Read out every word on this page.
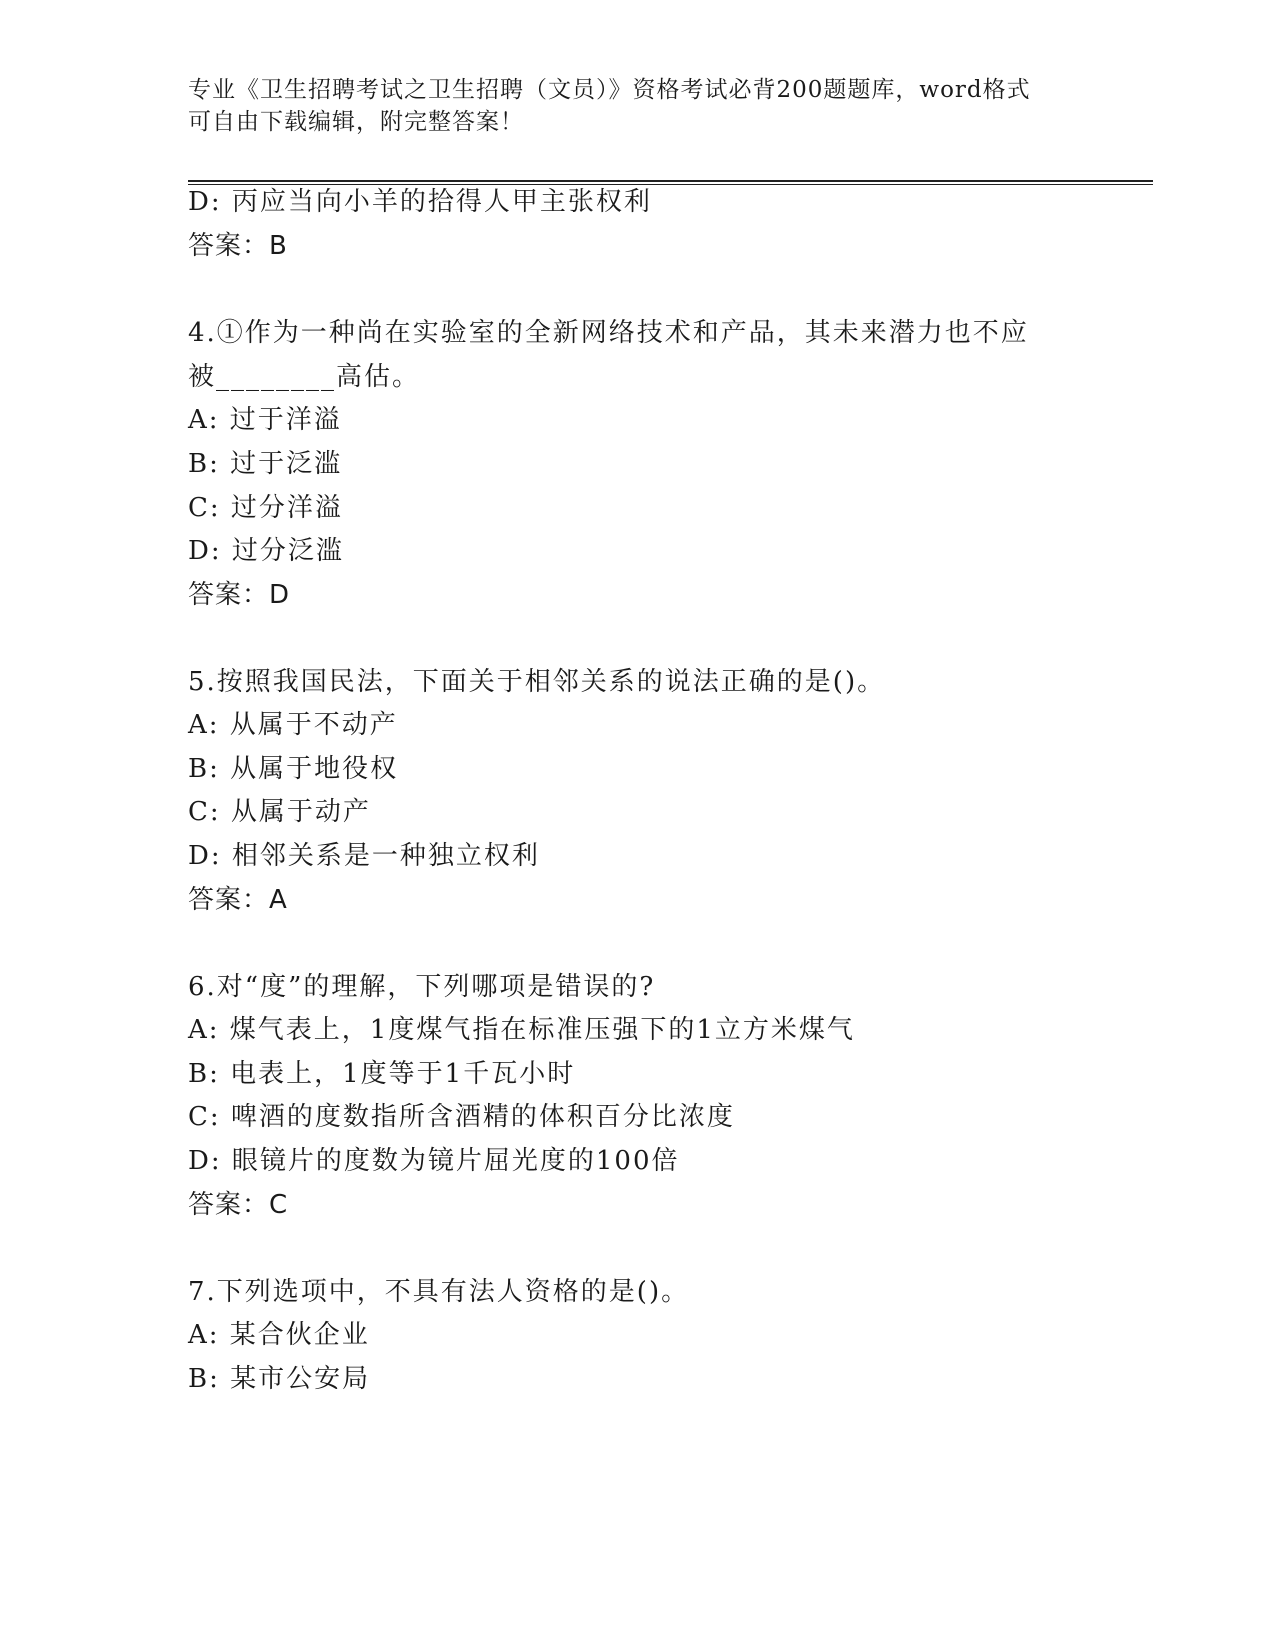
专业《卫生招聘考试之卫生招聘（文员）》资格考试必背200题题库，word格式
可自由下载编辑，附完整答案！
D: 丙应当向小羊的拾得人甲主张权利
答案：B
4.①作为一种尚在实验室的全新网络技术和产品，其未来潜力也不应
被________高估。
A: 过于洋溢
B: 过于泛滥
C: 过分洋溢
D: 过分泛滥
答案：D
5.按照我国民法，下面关于相邻关系的说法正确的是()。
A: 从属于不动产
B: 从属于地役权
C: 从属于动产
D: 相邻关系是一种独立权利
答案：A
6.对“度”的理解，下列哪项是错误的?
A: 煤气表上，1度煤气指在标准压强下的1立方米煤气
B: 电表上，1度等于1千瓦小时
C: 啤酒的度数指所含酒精的体积百分比浓度
D: 眼镜片的度数为镜片屈光度的100倍
答案：C
7.下列选项中，不具有法人资格的是()。
A: 某合伙企业
B: 某市公安局
